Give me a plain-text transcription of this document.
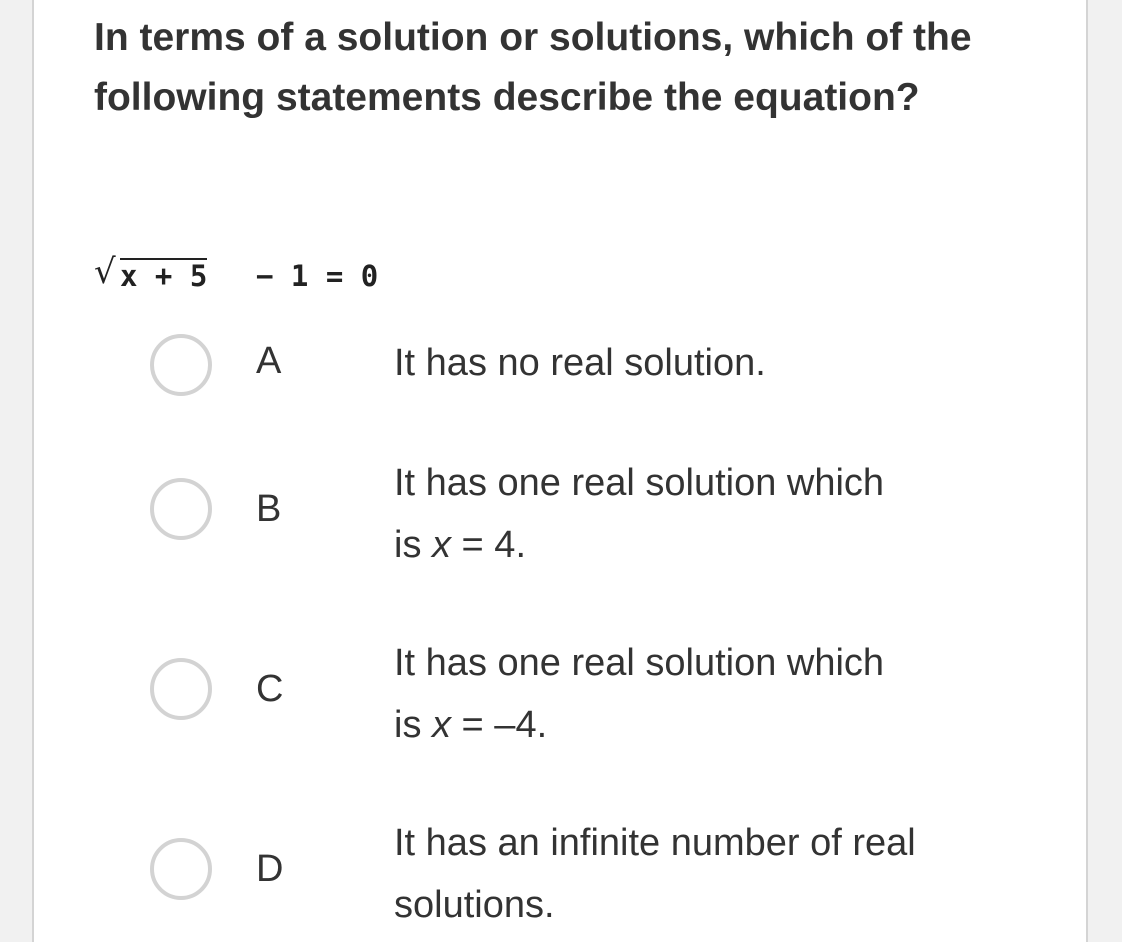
In terms of a solution or solutions, which of the following statements describe the equation?

√ x + 5 − 1 = 0
A	It has no real solution.
B
It has one real solution which
is x = 4.
C
It has one real solution which
is x = –4.
D
It has an infinite number of real
solutions.
